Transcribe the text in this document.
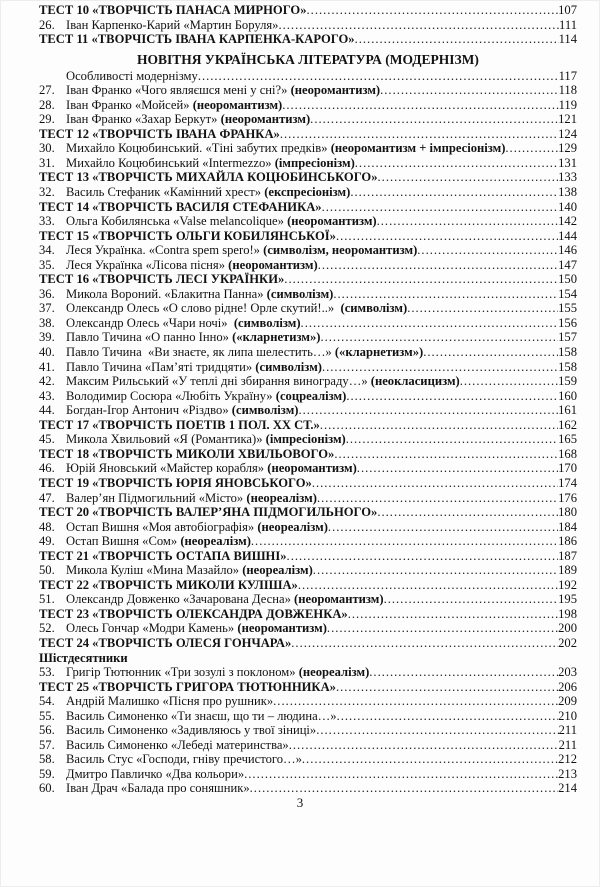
ТЕСТ 10 «ТВОРЧІСТЬ ПАНАСА МИРНОГО» .....	107
26. Іван Карпенко-Карий «Мартин Боруля» .....	111
ТЕСТ 11 «ТВОРЧІСТЬ ІВАНА КАРПЕНКА-КАРОГО» .....	114
НОВІТНЯ УКРАЇНСЬКА ЛІТЕРАТУРА (МОДЕРНІЗМ)
Особливості модернізму .....	117
27. Іван Франко «Чого являєшся мені у сні?» (неоромантизм) .....	118
28. Іван Франко «Мойсей» (неоромантизм) .....	119
29. Іван Франко «Захар Беркут» (неоромантизм) .....	121
ТЕСТ 12 «ТВОРЧІСТЬ ІВАНА ФРАНКА» .....	124
30. Михайло Коцюбинський. «Тіні забутих предків» (неоромантизм + імпресіонізм) .....	129
31. Михайло Коцюбинський «Intermezzo» (імпресіонізм) .....	131
ТЕСТ 13 «ТВОРЧІСТЬ МИХАЙЛА КОЦЮБИНСЬКОГО» .....	133
32. Василь Стефаник «Камінний хрест» (експресіонізм) .....	138
ТЕСТ 14 «ТВОРЧІСТЬ ВАСИЛЯ СТЕФАНИКА» .....	140
33. Ольга Кобилянська «Valse melancolique» (неоромантизм) .....	142
ТЕСТ 15 «ТВОРЧІСТЬ ОЛЬГИ КОБИЛЯНСЬКОЇ» .....	144
34. Леся Українка. «Contra spem spero!» (символізм, неоромантизм) .....	146
35. Леся Українка «Лісова пісня» (неоромантизм) .....	147
ТЕСТ 16 «ТВОРЧІСТЬ ЛЕСІ УКРАЇНКИ» .....	150
36. Микола Вороний. «Блакитна Панна» (символізм) .....	154
37. Олександр Олесь «О слово рідне! Орле скутий!..» (символізм) .....	155
38. Олександр Олесь «Чари ночі» (символізм) .....	156
39. Павло Тичина «О панно Інно» («кларнетизм») .....	157
40. Павло Тичина  «Ви знаєте, як липа шелестить…» («кларнетизм») .....	158
41. Павло Тичина «Пам’яті тридцяти» (символізм) .....	158
42. Максим Рильський «У теплі дні збирання винограду…» (неокласицизм) .....	159
43. Володимир Сосюра «Любіть Україну» (соцреалізм) .....	160
44. Богдан-Ігор Антонич «Різдво» (символізм) .....	161
ТЕСТ 17 «ТВОРЧІСТЬ ПОЕТІВ 1 ПОЛ. ХХ СТ.» .....	162
45. Микола Хвильовий «Я (Романтика)» (імпресіонізм) .....	165
ТЕСТ 18 «ТВОРЧІСТЬ МИКОЛИ ХВИЛЬОВОГО» .....	168
46. Юрій Яновський «Майстер корабля» (неоромантизм) .....	170
ТЕСТ 19 «ТВОРЧІСТЬ ЮРІЯ ЯНОВСЬКОГО» .....	174
47. Валер’ян Підмогильний «Місто» (неореалізм) .....	176
ТЕСТ 20 «ТВОРЧІСТЬ ВАЛЕР’ЯНА ПІДМОГИЛЬНОГО» .....	180
48. Остап Вишня «Моя автобіографія» (неореалізм) .....	184
49. Остап Вишня «Сом» (неореалізм) .....	186
ТЕСТ 21 «ТВОРЧІСТЬ ОСТАПА ВИШНІ» .....	187
50. Микола Куліш «Мина Мазайло» (неореалізм) .....	189
ТЕСТ 22 «ТВОРЧІСТЬ МИКОЛИ КУЛІША» .....	192
51. Олександр Довженко «Зачарована Десна» (неоромантизм) .....	195
ТЕСТ 23 «ТВОРЧІСТЬ ОЛЕКСАНДРА ДОВЖЕНКА» .....	198
52. Олесь Гончар «Модри Камень» (неоромантизм) .....	200
ТЕСТ 24 «ТВОРЧІСТЬ ОЛЕСЯ ГОНЧАРА» .....	202
Шістдесятники
53. Григір Тютюнник «Три зозулі з поклоном» (неореалізм) .....	203
ТЕСТ 25 «ТВОРЧІСТЬ ГРИГОРА ТЮТЮННИКА» .....	206
54. Андрій Малишко «Пісня про рушник» .....	209
55. Василь Симоненко «Ти знаєш, що ти – людина…» .....	210
56. Василь Симоненко «Задивляюсь у твої зіниці» .....	211
57. Василь Симоненко «Лебеді материнства» .....	211
58. Василь Стус «Господи, гніву пречистого…» .....	212
59. Дмитро Павличко «Два кольори» .....	213
60. Іван Драч «Балада про соняшник» .....	214
3
